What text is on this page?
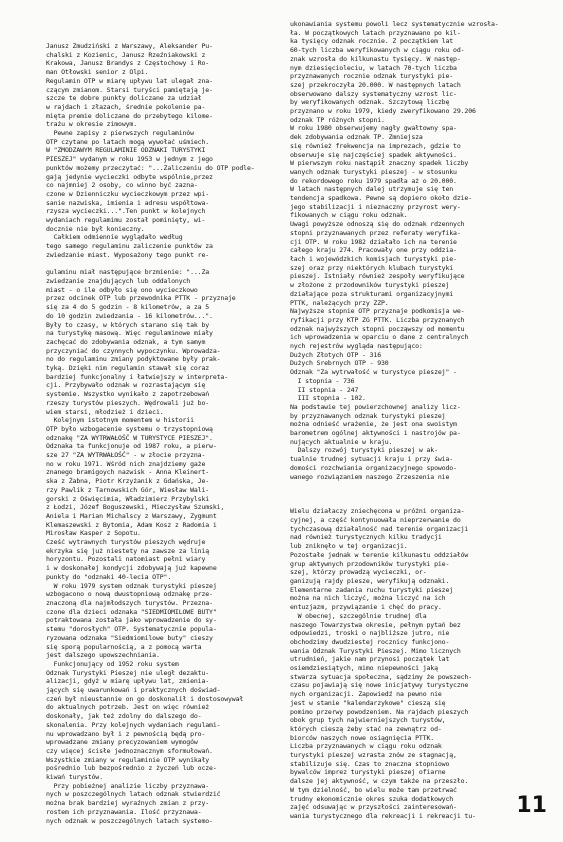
Janusz Zmudziński z Warszawy, Aleksander Pu-
chalski z Kozienic, Janusz Rzeźniakowski z
Krakowa, Janusz Brandys z Częstochowy i Ro-
man Otłowski senior z Olpi.
Regulamin OTP w miarę upływu lat ulegał zna-
czącym zmianom. Starsi turyści pamiętają je-
szcze te dobre punkty doliczane za udział
w rajdach i złazach, średnie pokolenie pa-
mięta premie doliczane do przebytego kilome-
trażu w okresie zimowym.
Pewne zapisy z pierwszych regulaminów
OTP czytane po latach mogą wywołać uśmiech.
W "ZMODZAWYM REGULAMINIE ODZNAKI TURYSTYKI
PIESZEJ" wydanym w roku 1953 w jednym z jego
punktów możemy przeczytać: "...Zaliczeniu do OTP podle-
gają jedynie wycieczki odbyte wspólnie,przez
co najmniej 2 osoby, co winno być zazna-
czone w Dzienniczku wycieczkowym przez wpi-
sanie nazwiska, imienia i adresu współtowa-
rzysza wycieczki...".Ten punkt w kolejnych
wydaniach regulamimu został pominięty, wi-
docznie nie był konieczny.
Całkiem odmiennie wyglądało według
tego samego regulaminu zaliczenie punktów za
zwiedzanie miast. Wyposażony tego punkt re-

gulaminu miał następujące brzmienie: "...Za
zwiedzanie znajdujących lub oddalonych
miast - o ile odbyło się ono wycieczkowo
przez odcinek OTP lub przewodnika PTTK - przyznaje
się za 4 do 5 godzin - 8 kilometrów, a za 5
do 10 godzin zwiedzania - 16 kilometrów...".
Były to czasy, w których starano się tak by
na turystykę masową. Więc regulaminowe miały
zachęcać do zdobywania odznak, a tym samym
przyczyniać do czynnych wypoczynku. Wprowadza-
no do regulaminu zmiany podyktowane były prak-
tyką. Dzięki nim regulamin stawał się coraz
bardziej funkcjonalny i łatwiejszy w interpreta-
cji. Przybywało odznak w rozrastającym się
systemie. Wszystko wynikało z zapotrzebowań
rzeszy turystów pieszych. Wędrowali już bo-
wiem starsi, młodzież i dzieci.
Kolejnym istotnym momentem w historii
OTP było wzbogacenie systemu o trzystopniową
odznakę "ZA WYTRWAŁOŚĆ W TURYSTYCE PIESZEJ".
Odznaka ta funkcjonuje od 1987 roku, a pierw-
sze 27 "ZA WYTRWAŁOŚĆ" - w złocie przyzna-
no w roku 1971. Wśród nich znajdziemy gaże
znanego bramigoych nazwisk - Anna Kleinert-
ska z Żabna, Piotr Krzyżanik z Gdańska, Je-
rzy Pawlik z Tarnowskich Gór, Wiesław Wali-
gorski z Oświęcimia, Władzimierz Przybylski
z Łodzi, Józef Boguszewski, Mieczysław Szumski,
Aniela i Marian Michalscy z Warszawy, Zygmunt
Klemaszewski z Bytomia, Adam Kosz z Radomia i
Mirosław Kasper z Sopotu.
Cześć wytrawnych turystów pieszych wędruje
ekrzyka się już niestety na zawsze za linią
horyzontu. Pozostali natomiast pełni wiary
i w doskonałej kondycji zdobywają już kapewne
punkty do "odznaki 40-lecia OTP".
W roku 1979 system odznak turystyki pieszej
wzbogacono o nową dwustopniową odznakę prze-
znaczoną dla najmłodszych turystów. Przezna-
czone dla dzieci odznaka "SIEDMIOMILOWE BUTY"
potraktowana została jako wprowadzenie do sy-
stemu "dorosłych" OTP. Systematycznie popula-
ryzowana odznaka "Siedmiomilowe buty" cieszy
się sporą popularnością, a z pomocą warta
jest dalszego upowszechniania.
Funkcjonujący od 1952 roku system
Odznak Turystyki Pieszej nie uległ dezaktu-
alizacji, gdyż w miarę upływu lat, zmienia-
jących się uwarunkowań i praktycznych doświad-
czeń był nieustannie on go doskonalił i dostosowywał
do aktualnych potrzeb. Jest on więc również
doskonały, jak też zdolny do dalszego do-
skonalenia. Przy kolejnych wydaniach regulami-
nu wprowadzano był i z pewnością będą pro-
wprowadzane zmiany precyzowaniem wymogów
czy więcej ścisłe jednoznacznym sformułowań.
Wszystkie zmiany w regulaminie OTP wynikały
pośrednio lub bezpośrednio z życzeń lub ocze-
kiwań turystów.
Przy pobieżnej analizie liczby przyznawa-
nych w poszczególnych latach odznak stwierdzić
można brak bardziej wyraźnych zmian z przy-
rostem ich przyznawania. Ilość przyznawa-
nych odznak w poszczególnych latach systemo-
ukonawiania systemu powoli lecz systematycznie wzrosła-
ła. W początkowych latach przyznawano po kil-
ka tysięcy odznak rocznie. Z początkiem lat
60-tych liczba weryfikowanych w ciągu roku od-
znak wzrosła do kilkunastu tysięcy. W następ-
nym dziesięcioleciu, w latach 70-tych liczba
przyznawanych rocznie odznak turystyki pie-
szej przekroczyła 20.000. W następnych latach
obserwowano dalszy systematyczny wzrost lic-
by weryfikowanych odznak. Szczytową liczbę
przyznano w roku 1979, kiedy zweryfikowano 29.206
odznak TP różnych stopni.
W roku 1980 obserwujemy nagły gwałtowny spa-
dek zdobywania odznak TP. Zmniejsza
się również frekwencja na imprezach, gdzie to
obserwuje się najczęściej spadek aktywności.
W pierwszym roku nastąpił znaczny spadek liczby
wanych odznak turystyki pieszej - w stosunku
do rekordowego roku 1979 spadła aż o 20.000.
W latach następnych dalej utrzymuje się ten
tendencja spadkowa. Pewne są dopiero około dzie-
jego stabilizacji i nieznaczny przyrost wery-
fikowanych w ciągu roku odznak.
Uwagi powyższe odnoszą się do odznak rdzennych
stopni przyznawanych przez referaty weryfika-
cji OTP. W roku 1982 działało ich na terenie
całego kraju 274. Pracowały one przy oddzia-
łach i wojewódzkich komisjach turystyki pie-
szej oraz przy niektórych klubach turystyki
pieszej. Istniały również zespoły weryfikujące
w złożone z przodowników turystyki pieszej
działające poza strukturami organizacyjnymi
PTTK, należących przy ZZP.
Najwyższe stopnie OTP przyznaje podkomisja we-
ryfikacji przy KTP ZG PTTK. Liczba przyznanych
odznak najwyższych stopni począwszy od momentu
ich wprowadzenia w oparciu o dane z centralnych
nych rejestrów wygląda następująco:
Dużych Złotych OTP - 316
Dużych Srebrnych OTP - 930
Odznak "Za wytrwałość w turystyce pieszej" -
I stopnia - 736
II stopnia - 247
III stopnia - 102.
Na podstawie tej powierzchownej analizy licz-
by przyznawanych odznak turystyki pieszej
można odnieść wrażenie, że jest ona swoistym
barometrem ogólnej aktywności i nastrojów pa-
nujących aktualnie w kraju.
Dalszy rozwój turystyki pieszej w ak-
tualnie trudnej sytuacji kraju i przy świa-
domości rozchwiania organizacyjnego spowodo-
wanego rozwiązaniem naszego Zrzeszenia nie

Wielu działaczy zniechęcona w próżni organiza-
cyjnej, a część kontynuowała nieprzerwanie do
tychczasową działalność nad terenie organizacji
nad również turystycznych kilku tradycji
lub zniknęło w tej organizacji.
Pozostałe jednak w terenie kilkunastu oddziałów
grup aktywnych przodowników turystyki pie-
szej, którzy prowadzą wycieczki, or-
ganizują rajdy piesze, weryfikują odznaki.
Elementarne zadania ruchu turystyki pieszej
można na nich liczyć, można liczyć na ich
entuzjazm, przywiązanie i chęć do pracy.
W obecnej, szczególnie trudnej dla
naszego Towarzystwa okresie, pełnym pytań bez
odpowiedzi, troski o najbliższe jutro, nie
obchodzimy dwudziestej rocznicy funkcjono-
wania Odznak Turystyki Pieszej. Mimo licznych
utrudnień, jakie nam przynosi początek lat
osiemdziesiątych, mimo niepewności jaką
stwarza sytuacja społeczna, sądzimy że powszech-
czasu pojawiają się nowe inicjatywy turystyczne
nych organizacji. Zapowiedź na pewno nie
jest w stanie "kalendarzykowe" cieszą się
pomimo przerwy powodzeniem. Na rajdach pieszych
obok grup tych najwierniejszych turystów,
których cieszą żeby stać na zewnątrz od-
biorców naszych nowe osiągnięcia PTTK.
Liczba przyznawanych w ciągu roku odznak
turystyki pieszej wzrasta znów ze stagnacją,
stabilizuje się. Czas to znaczna stopniowo
bywalców imprez turystyki pieszej ofiarne
dalsze jej aktywność, w czym także na przeszło.
W tym dzielność, bo wielu może tam przetrwać
trudny ekonomicznie okres szuka dodatkowych
zajęć odsuwając w przyszłości zainteresowań-
wania turystycznego dla rekreacji i rekreacji tu-	11
